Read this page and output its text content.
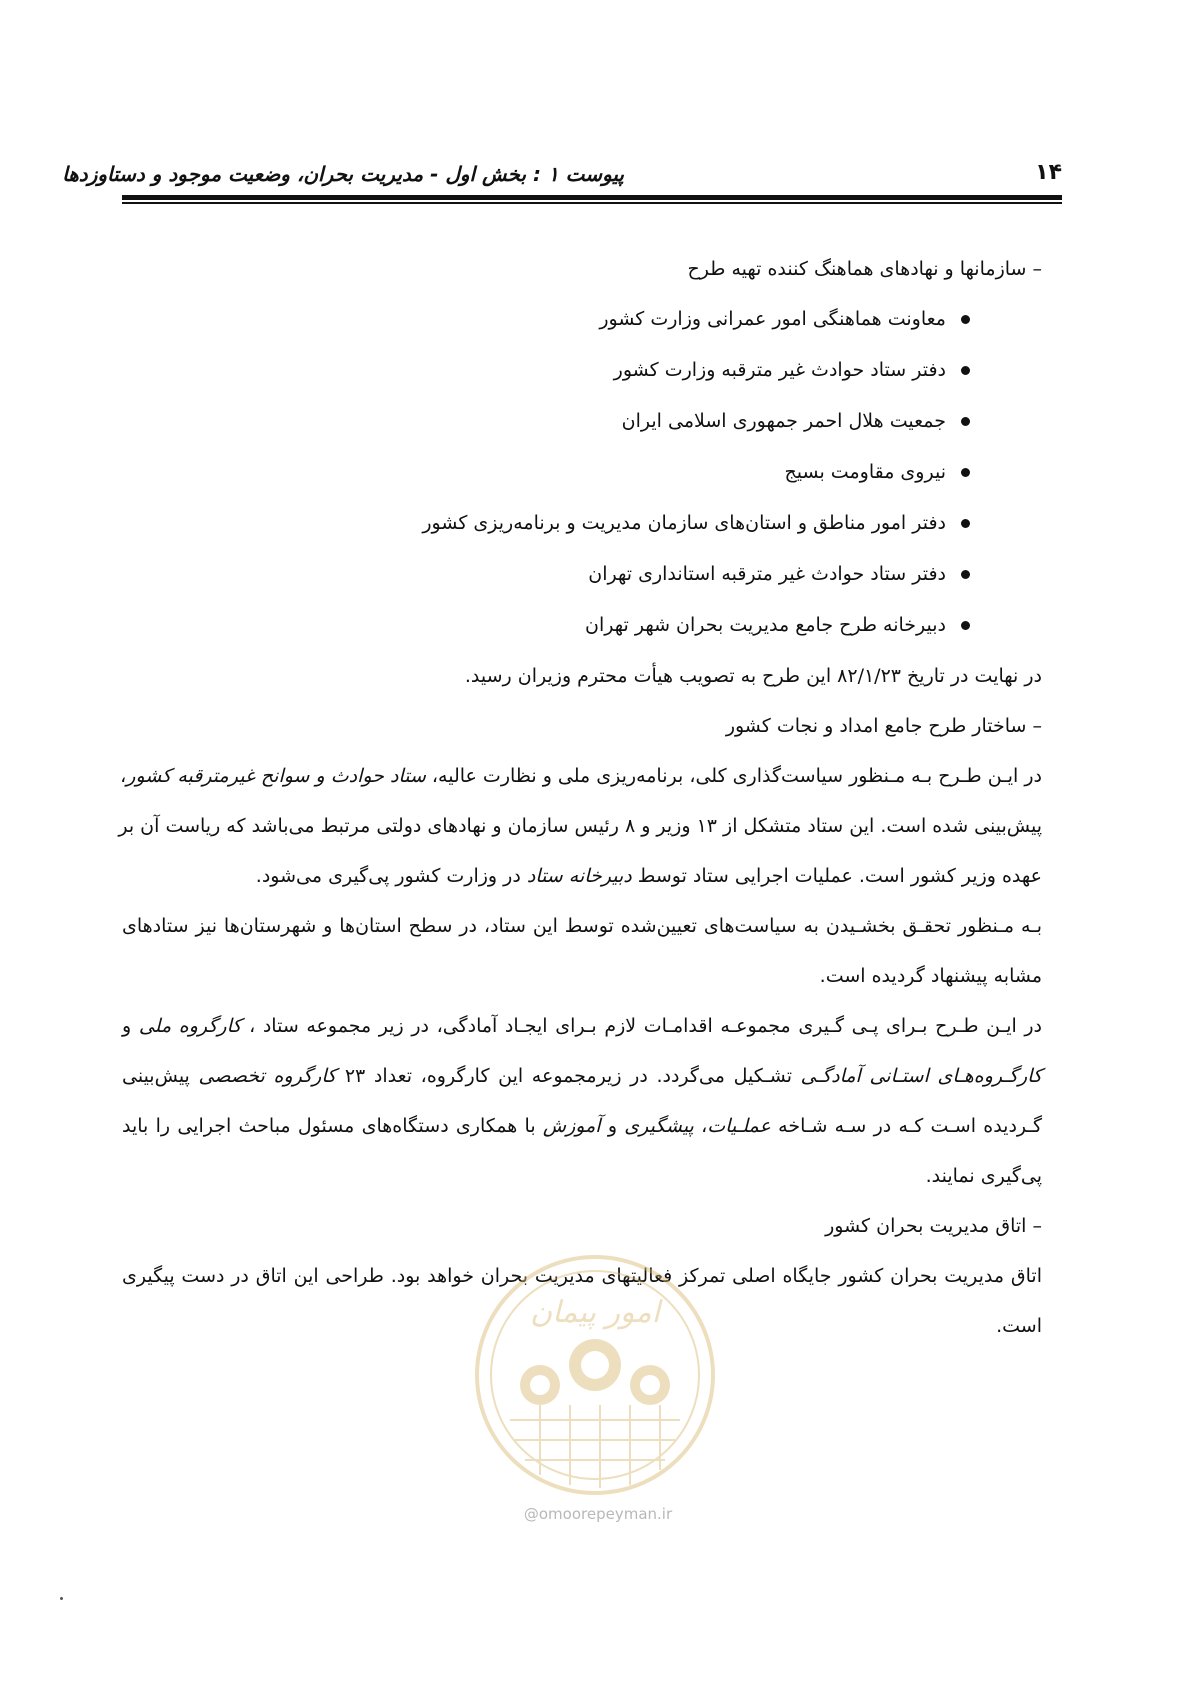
۱۴
پیوست ۱ : بخش اول - مدیریت بحران، وضعیت موجود و دستاوزدها
– سازمانها و نهادهای هماهنگ کننده تهیه طرح
معاونت هماهنگی امور عمرانی وزارت کشور
دفتر ستاد حوادث غیر مترقبه وزارت کشور
جمعیت هلال احمر جمهوری اسلامی ایران
نیروی مقاومت بسیج
دفتر امور مناطق و استان‌های سازمان مدیریت و برنامه‌ریزی کشور
دفتر ستاد حوادث غیر مترقبه استانداری تهران
دبیرخانه طرح جامع مدیریت بحران شهر تهران
در نهایت در تاریخ ۸۲/۱/۲۳ این طرح به تصویب هیأت محترم وزیران رسید.
– ساختار طرح جامع امداد و نجات کشور
در ایـن طـرح بـه مـنظور سیاست‌گذاری کلی، برنامه‌ریزی ملی و نظارت عالیه، ستاد حوادث و سوانح غیرمترقبه کشور،
پیش‌بینی شده است. این ستاد متشکل از ۱۳ وزیر و ۸ رئیس سازمان و نهادهای دولتی مرتبط می‌باشد که ریاست آن بر
عهده وزیر کشور است. عملیات اجرایی ستاد توسط دبیرخانه ستاد در وزارت کشور پی‌گیری می‌شود.
بـه مـنظور تحقـق بخشـیدن به سیاست‌های تعیین‌شده توسط این ستاد، در سطح استان‌ها و شهرستان‌ها نیز ستادهای
مشابه پیشنهاد گردیده است.
در ایـن طـرح بـرای پـی گـیری مجموعـه اقدامـات لازم بـرای ایجـاد آمادگی، در زیر مجموعه ستاد ، کارگروه ملی و
کارگـروه‌هـای استـانی آمادگـی تشـکیل می‌گردد. در زیرمجموعه این کارگروه، تعداد ۲۳ کارگروه تخصصی پیش‌بینی
گـردیده اسـت کـه در سـه شـاخه عملـیات، پیشگیری و آموزش با همکاری دستگاه‌های مسئول مباحث اجرایی را باید
پی‌گیری نمایند.
– اتاق مدیریت بحران کشور
اتاق مدیریت بحران کشور جایگاه اصلی تمرکز فعالیتهای مدیریت بحران خواهد بود. طراحی این اتاق در دست پیگیری
است.
امور پیمان
@omoorepeyman.ir
